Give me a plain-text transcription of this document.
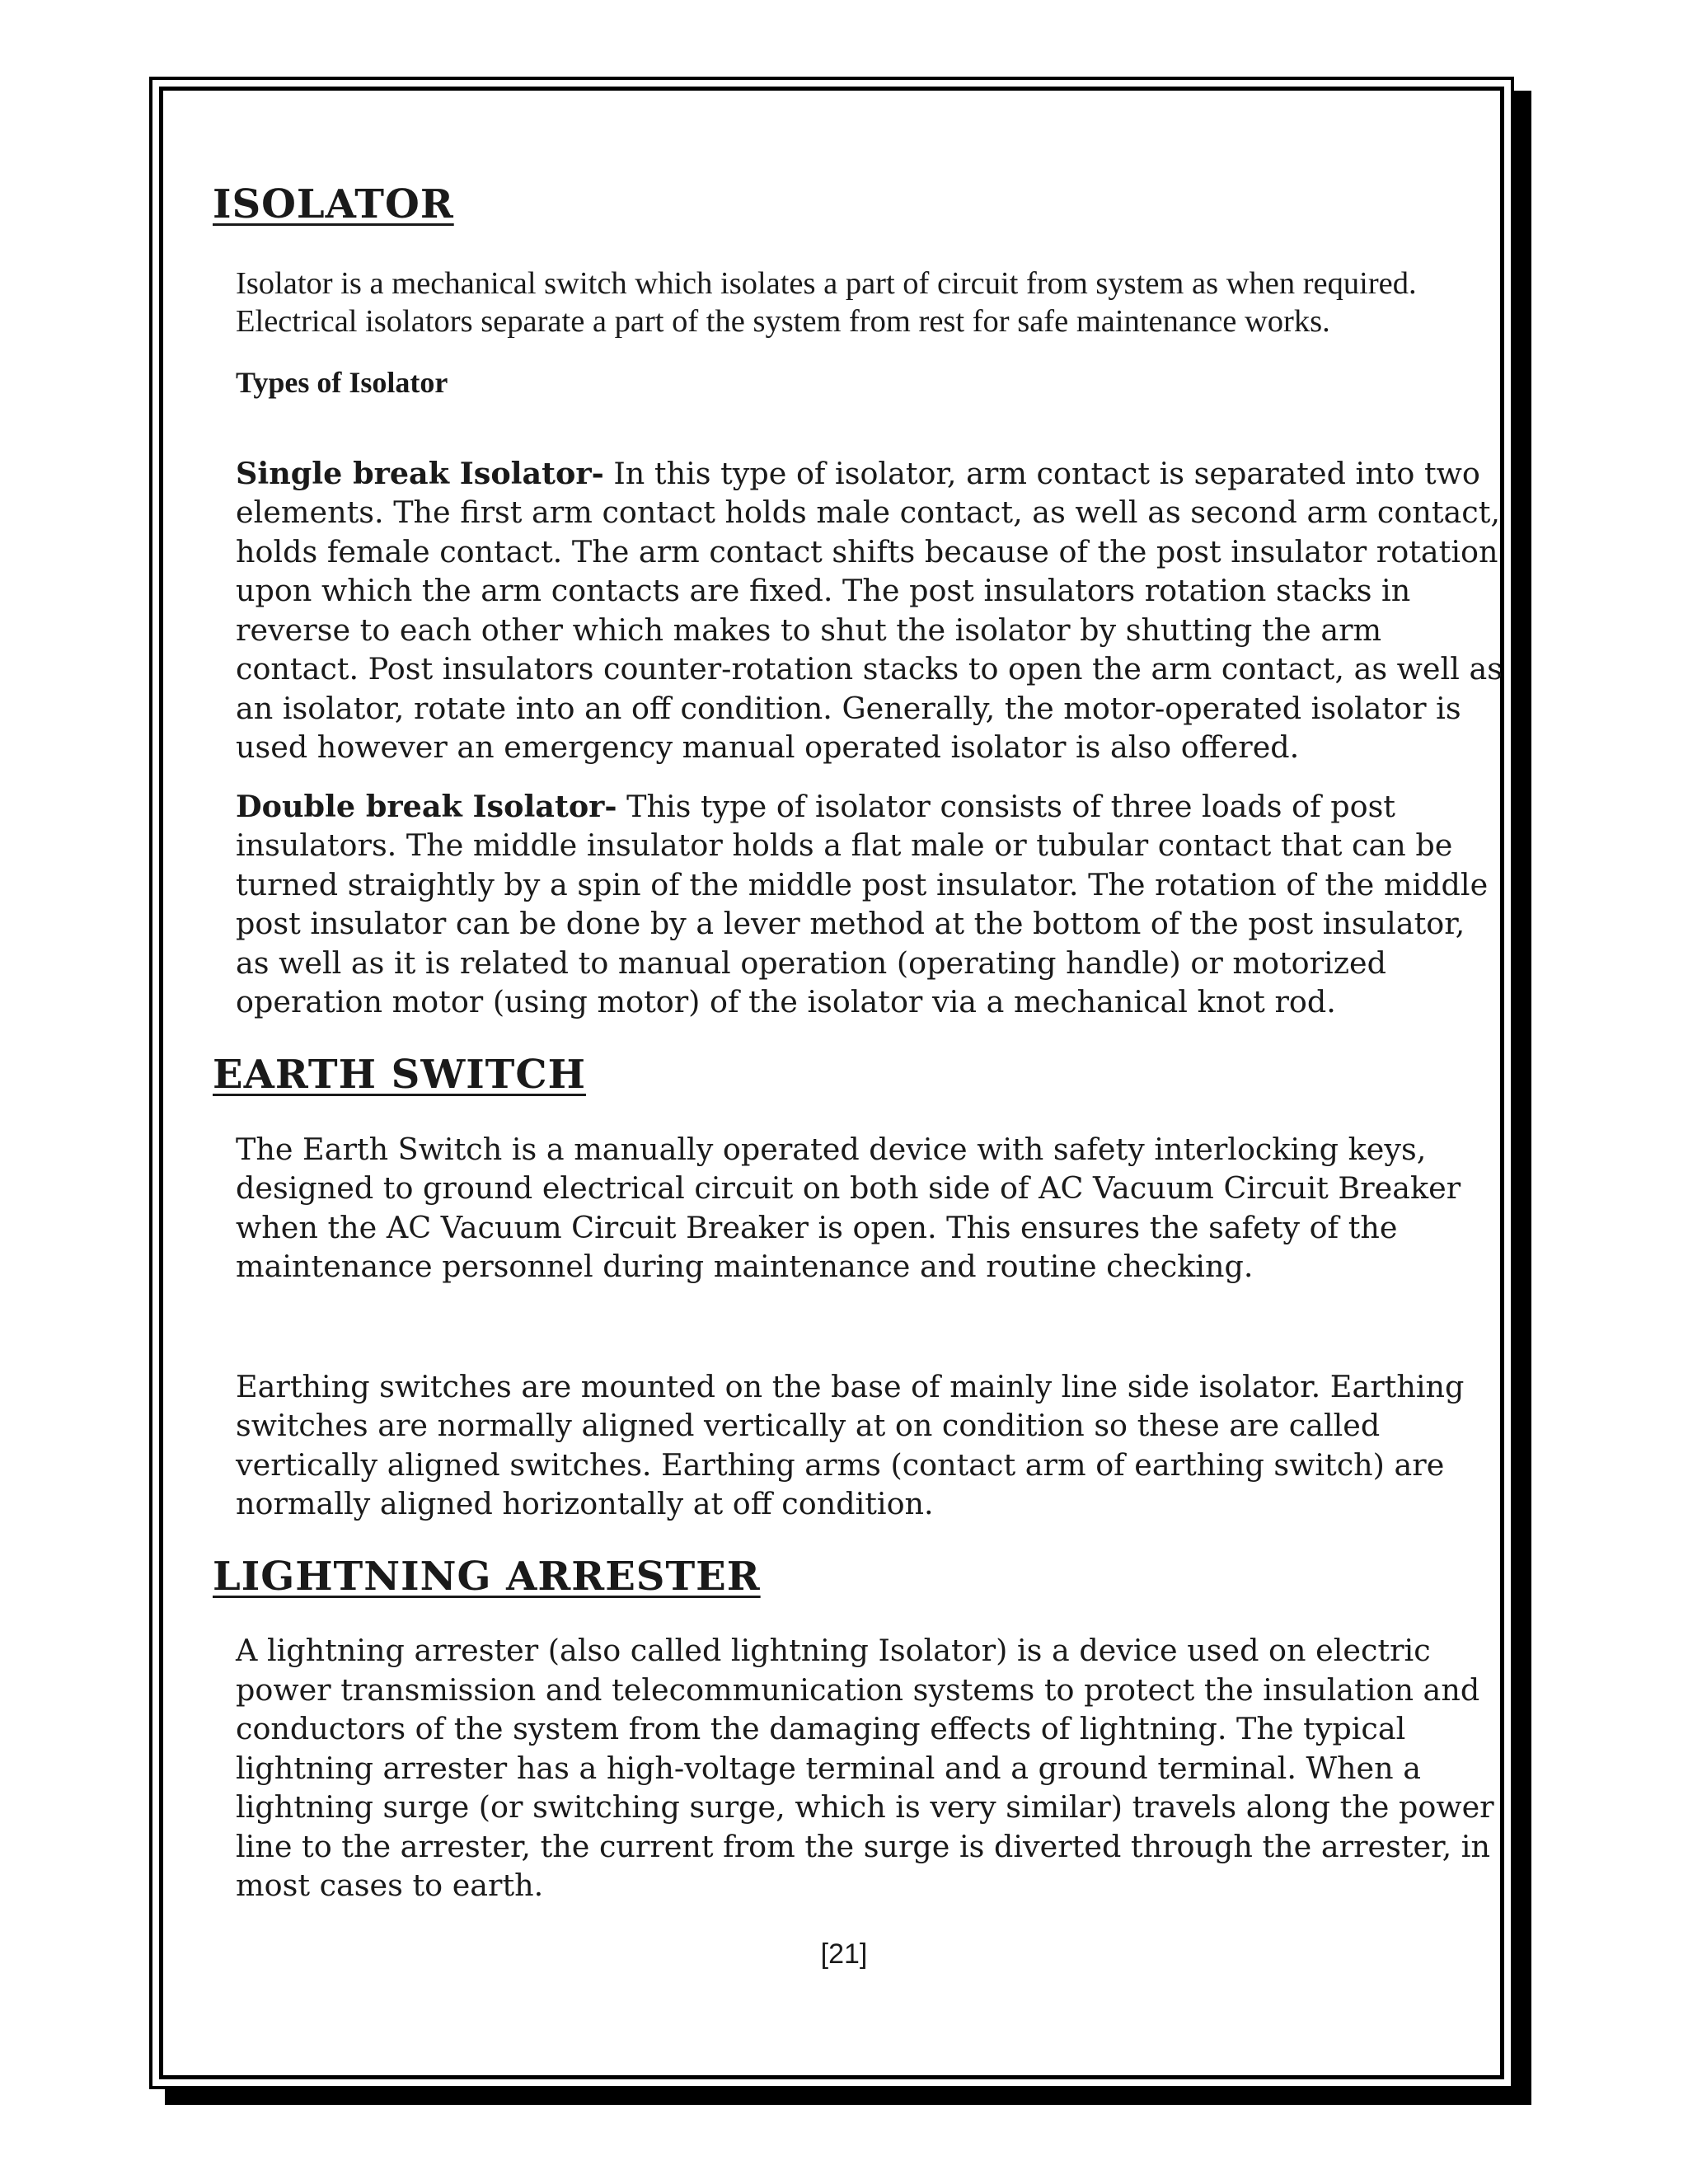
ISOLATOR

Isolator is a mechanical switch which isolates a part of circuit from system as when required. Electrical isolators separate a part of the system from rest for safe maintenance works.

Types of Isolator

Single break Isolator- In this type of isolator, arm contact is separated into two elements. The first arm contact holds male contact, as well as second arm contact, holds female contact. The arm contact shifts because of the post insulator rotation upon which the arm contacts are fixed. The post insulators rotation stacks in reverse to each other which makes to shut the isolator by shutting the arm contact. Post insulators counter-rotation stacks to open the arm contact, as well as an isolator, rotate into an off condition. Generally, the motor-operated isolator is used however an emergency manual operated isolator is also offered.

Double break Isolator- This type of isolator consists of three loads of post insulators. The middle insulator holds a flat male or tubular contact that can be turned straightly by a spin of the middle post insulator. The rotation of the middle post insulator can be done by a lever method at the bottom of the post insulator, as well as it is related to manual operation (operating handle) or motorized operation motor (using motor) of the isolator via a mechanical knot rod.

EARTH SWITCH

The Earth Switch is a manually operated device with safety interlocking keys, designed to ground electrical circuit on both side of AC Vacuum Circuit Breaker when the AC Vacuum Circuit Breaker is open. This ensures the safety of the maintenance personnel during maintenance and routine checking.

Earthing switches are mounted on the base of mainly line side isolator. Earthing switches are normally aligned vertically at on condition so these are called vertically aligned switches. Earthing arms (contact arm of earthing switch) are normally aligned horizontally at off condition.

LIGHTNING ARRESTER

A lightning arrester (also called lightning Isolator) is a device used on electric power transmission and telecommunication systems to protect the insulation and conductors of the system from the damaging effects of lightning. The typical lightning arrester has a high-voltage terminal and a ground terminal. When a lightning surge (or switching surge, which is very similar) travels along the power line to the arrester, the current from the surge is diverted through the arrester, in most cases to earth.

[21]
